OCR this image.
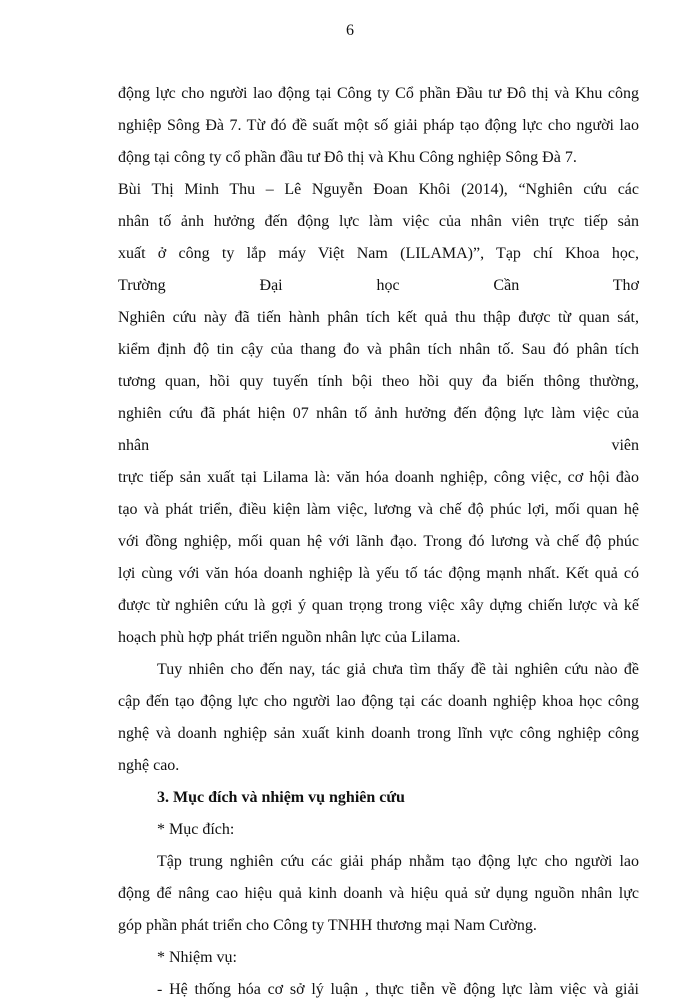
6
động lực cho người lao động tại Công ty Cổ phần Đầu tư Đô thị và Khu công
nghiệp Sông Đà 7. Từ đó đề suất một số giải pháp tạo động lực cho người lao
động tại công ty cổ phần đầu tư Đô thị và Khu Công nghiệp Sông Đà 7.
Bùi Thị Minh Thu – Lê Nguyễn Đoan Khôi (2014), “Nghiên cứu các
nhân tố ảnh hưởng đến động lực làm việc của nhân viên trực tiếp sản
xuất ở công ty lắp máy Việt Nam (LILAMA)”, Tạp chí Khoa học,
Trường Đại học Cần Thơ
Nghiên cứu này đã tiến hành phân tích kết quả thu thập được từ quan sát,
kiểm định độ tin cậy của thang đo và phân tích nhân tố. Sau đó phân tích
tương quan, hồi quy tuyến tính bội theo hồi quy đa biến thông thường,
nghiên cứu đã phát hiện 07 nhân tố ảnh hưởng đến động lực làm việc của
nhân viên
trực tiếp sản xuất tại Lilama là: văn hóa doanh nghiệp, công việc, cơ hội đào
tạo và phát triển, điều kiện làm việc, lương và chế độ phúc lợi, mối quan hệ
với đồng nghiệp, mối quan hệ với lãnh đạo. Trong đó lương và chế độ phúc
lợi cùng với văn hóa doanh nghiệp là yếu tố tác động mạnh nhất. Kết quả có
được từ nghiên cứu là gợi ý quan trọng trong việc xây dựng chiến lược và kế
hoạch phù hợp phát triển nguồn nhân lực của Lilama.
Tuy nhiên cho đến nay, tác giả chưa tìm thấy đề tài nghiên cứu nào đề
cập đến tạo động lực cho người lao động tại các doanh nghiệp khoa học công
nghệ và doanh nghiệp sản xuất kinh doanh trong lĩnh vực công nghiệp công
nghệ cao.
3. Mục đích và nhiệm vụ nghiên cứu
* Mục đích:
Tập trung nghiên cứu các giải pháp nhằm tạo động lực cho người lao
động để nâng cao hiệu quả kinh doanh và hiệu quả sử dụng nguồn nhân lực
góp phần phát triển cho Công ty TNHH thương mại Nam Cường.
* Nhiệm vụ:
- Hệ thống hóa cơ sở lý luận , thực tiễn về động lực làm việc và giải
